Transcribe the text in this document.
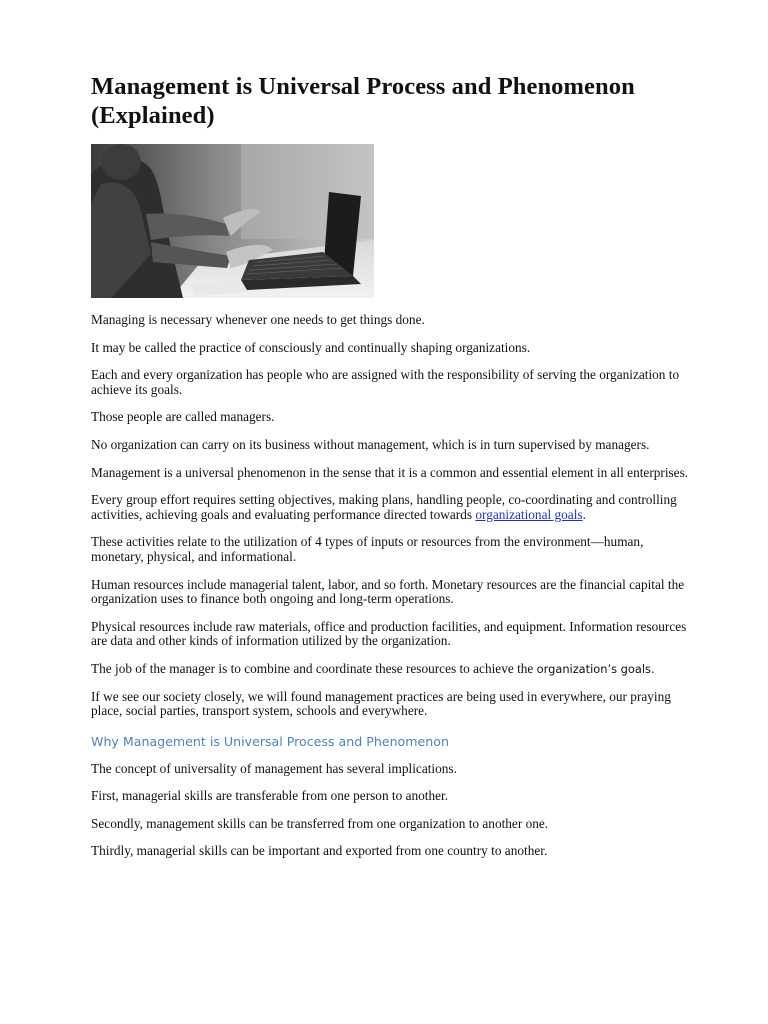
Management is Universal Process and Phenomenon (Explained)

Managing is necessary whenever one needs to get things done.

It may be called the practice of consciously and continually shaping organizations.

Each and every organization has people who are assigned with the responsibility of serving the organization to achieve its goals.

Those people are called managers.

No organization can carry on its business without management, which is in turn supervised by managers.

Management is a universal phenomenon in the sense that it is a common and essential element in all enterprises.

Every group effort requires setting objectives, making plans, handling people, co-coordinating and controlling activities, achieving goals and evaluating performance directed towards organizational goals.

These activities relate to the utilization of 4 types of inputs or resources from the environment—human, monetary, physical, and informational.

Human resources include managerial talent, labor, and so forth. Monetary resources are the financial capital the organization uses to finance both ongoing and long-term operations.

Physical resources include raw materials, office and production facilities, and equipment. Information resources are data and other kinds of information utilized by the organization.

The job of the manager is to combine and coordinate these resources to achieve the organization’s goals.

If we see our society closely, we will found management practices are being used in everywhere, our praying place, social parties, transport system, schools and everywhere.

Why Management is Universal Process and Phenomenon

The concept of universality of management has several implications.

First, managerial skills are transferable from one person to another.

Secondly, management skills can be transferred from one organization to another one.

Thirdly, managerial skills can be important and exported from one country to another.
